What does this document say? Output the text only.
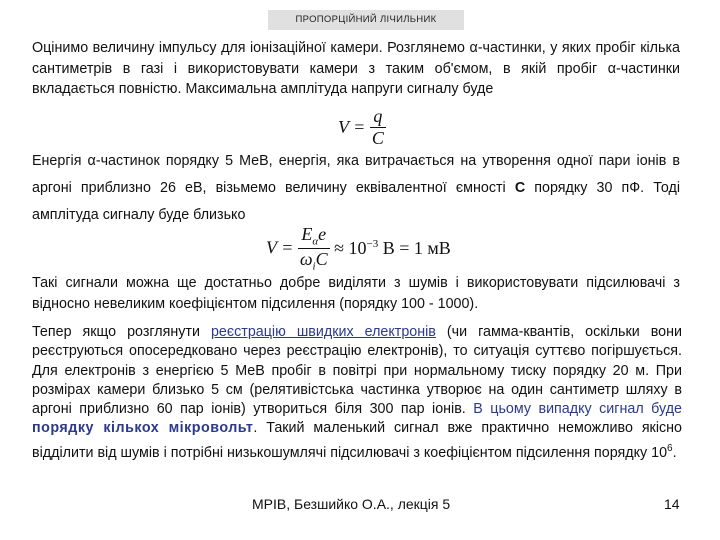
ПРОПОРЦІЙНИЙ ЛІЧИЛЬНИК
Оцінимо величину імпульсу для іонізаційної камери. Розглянемо α-частинки, у яких пробіг кілька сантиметрів в газі і використовувати камери з таким об'ємом, в якій пробіг α-частинки вкладається повністю. Максимальна амплітуда напруги сигналу буде
$V = \frac{q}{C}$
Енергія α-частинок порядку 5 МеВ, енергія, яка витрачається на утворення одної пари іонів в аргоні приблизно 26 еВ, візьмемо величину еквівалентної ємності С порядку 30 пФ. Тоді амплітуда сигналу буде близько
$V = \frac{E_\alpha e}{\omega_iC} \approx 10^{-3}$ B = 1 мB
Такі сигнали можна ще достатньо добре виділяти з шумів і використовувати підсилювачі з відносно невеликим коефіцієнтом підсилення (порядку 100 - 1000).
Тепер якщо розглянути реєстрацію швидких електронів (чи гамма-квантів, оскільки вони реєструються опосередковано через реєстрацію електронів), то ситуація суттєво погіршується. Для електронів з енергією 5 МеВ пробіг в повітрі при нормальному тиску порядку 20 м. При розмірах камери близько 5 см (релятивістська частинка утворює на один сантиметр шляху в аргоні приблизно 60 пар іонів) утвориться біля 300 пар іонів. В цьому випадку сигнал буде порядку кількох мікровольт. Такий маленький сигнал вже практично неможливо якісно відділити від шумів і потрібні низькошумлячі підсилювачі з коефіцієнтом підсилення порядку $10^6$.
МРІВ, Безшийко О.А., лекція 5	14
